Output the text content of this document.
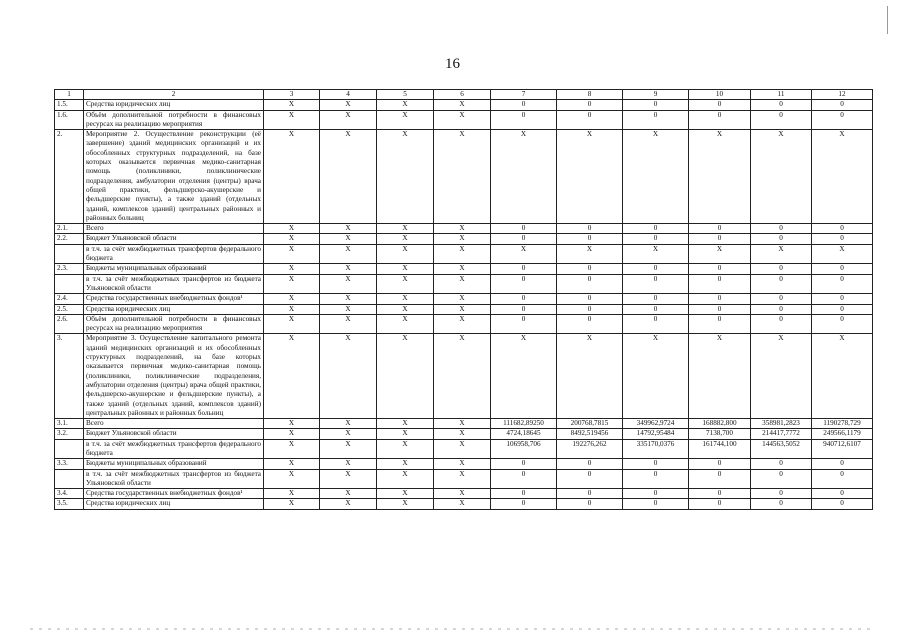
16
1	2	3	4	5	6	7	8	9	10	11	12
1.5.	Средства юридических лиц	X	X	X	X	0	0	0	0	0	0
1.6.	Объём дополнительной потребности в финансовых ресурсах на реализацию мероприятия	X	X	X	X	0	0	0	0	0	0
2.	Мероприятие 2. Осуществление реконструкции (её завершение) зданий медицинских организаций и их обособленных структурных подразделений, на базе которых оказывается первичная медико-санитарная помощь (поликлиники, поликлинические подразделения, амбулатории отделения (центры) врача общей практики, фельдшерско-акушерские и фельдшерские пункты), а также зданий (отдельных зданий, комплексов зданий) центральных районных и районных больниц	X	X	X	X	X	X	X	X	X	X
2.1.	Всего	X	X	X	X	0	0	0	0	0	0
2.2.	Бюджет Ульяновской области	X	X	X	X	0	0	0	0	0	0
	в т.ч. за счёт межбюджетных трансфертов федерального бюджета	X	X	X	X	X	X	X	X	X	X
2.3.	Бюджеты муниципальных образований	X	X	X	X	0	0	0	0	0	0
	в т.ч. за счёт межбюджетных трансфертов из бюджета Ульяновской области	X	X	X	X	0	0	0	0	0	0
2.4.	Средства государственных внебюджетных фондов¹	X	X	X	X	0	0	0	0	0	0
2.5.	Средства юридических лиц	X	X	X	X	0	0	0	0	0	0
2.6.	Объём дополнительной потребности в финансовых ресурсах на реализацию мероприятия	X	X	X	X	0	0	0	0	0	0
3.	Мероприятие 3. Осуществление капитального ремонта зданий медицинских организаций и их обособленных структурных подразделений, на базе которых оказывается первичная медико-санитарная помощь (поликлиники, поликлинические подразделения, амбулатории отделения (центры) врача общей практики, фельдшерско-акушерские и фельдшерские пункты), а также зданий (отдельных зданий, комплексов зданий) центральных районных и районных больниц	X	X	X	X	X	X	X	X	X	X
3.1.	Всего	X	X	X	X	111682,89250	200768,7815	349962,9724	168882,800	358981,2823	1190278,729
3.2.	Бюджет Ульяновской области	X	X	X	X	4724,18645	8492,519456	14792,95484	7138,700	214417,7772	249566,1179
	в т.ч. за счёт межбюджетных трансфертов федерального бюджета	X	X	X	X	106958,706	192276,262	335170,0376	161744,100	144563,5052	940712,6107
3.3.	Бюджеты муниципальных образований	X	X	X	X	0	0	0	0	0	0
	в т.ч. за счёт межбюджетных трансфертов из бюджета Ульяновской области	X	X	X	X	0	0	0	0	0	0
3.4.	Средства государственных внебюджетных фондов¹	X	X	X	X	0	0	0	0	0	0
3.5.	Средства юридических лиц	X	X	X	X	0	0	0	0	0	0
